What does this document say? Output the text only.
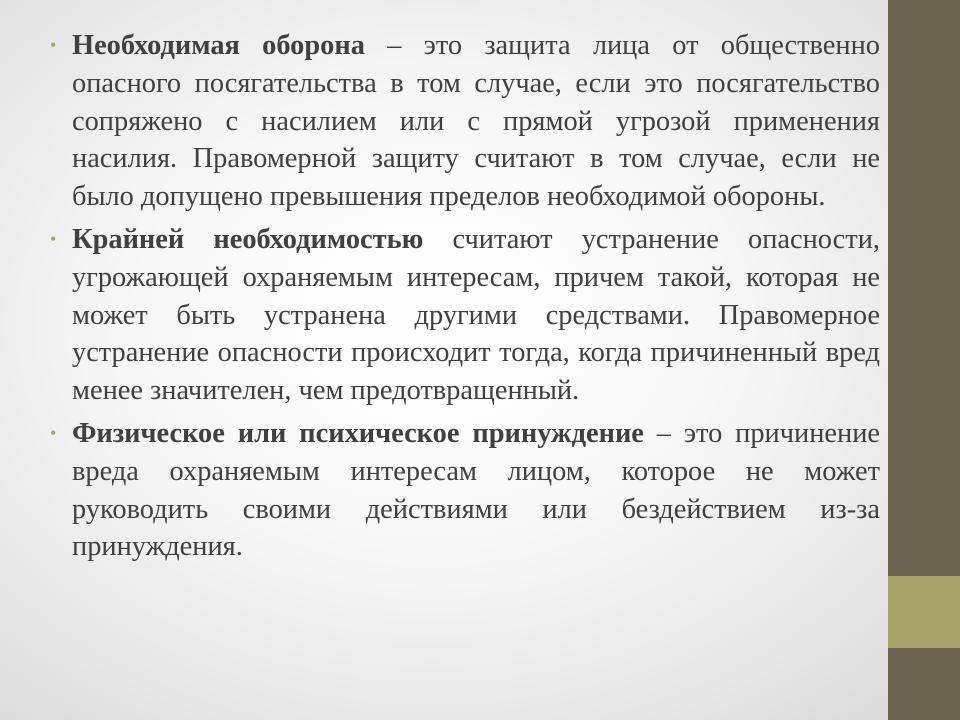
• Необходимая оборона – это защита лица от общественно опасного посягательства в том случае, если это посягательство сопряжено с насилием или с прямой угрозой применения насилия. Правомерной защиту считают в том случае, если не было допущено превышения пределов необходимой обороны.

• Крайней необходимостью считают устранение опасности, угрожающей охраняемым интересам, причем такой, которая не может быть устранена другими средствами. Правомерное устранение опасности происходит тогда, когда причиненный вред менее значителен, чем предотвращенный.

• Физическое или психическое принуждение – это причинение вреда охраняемым интересам лицом, которое не может руководить своими действиями или бездействием из-за принуждения.
